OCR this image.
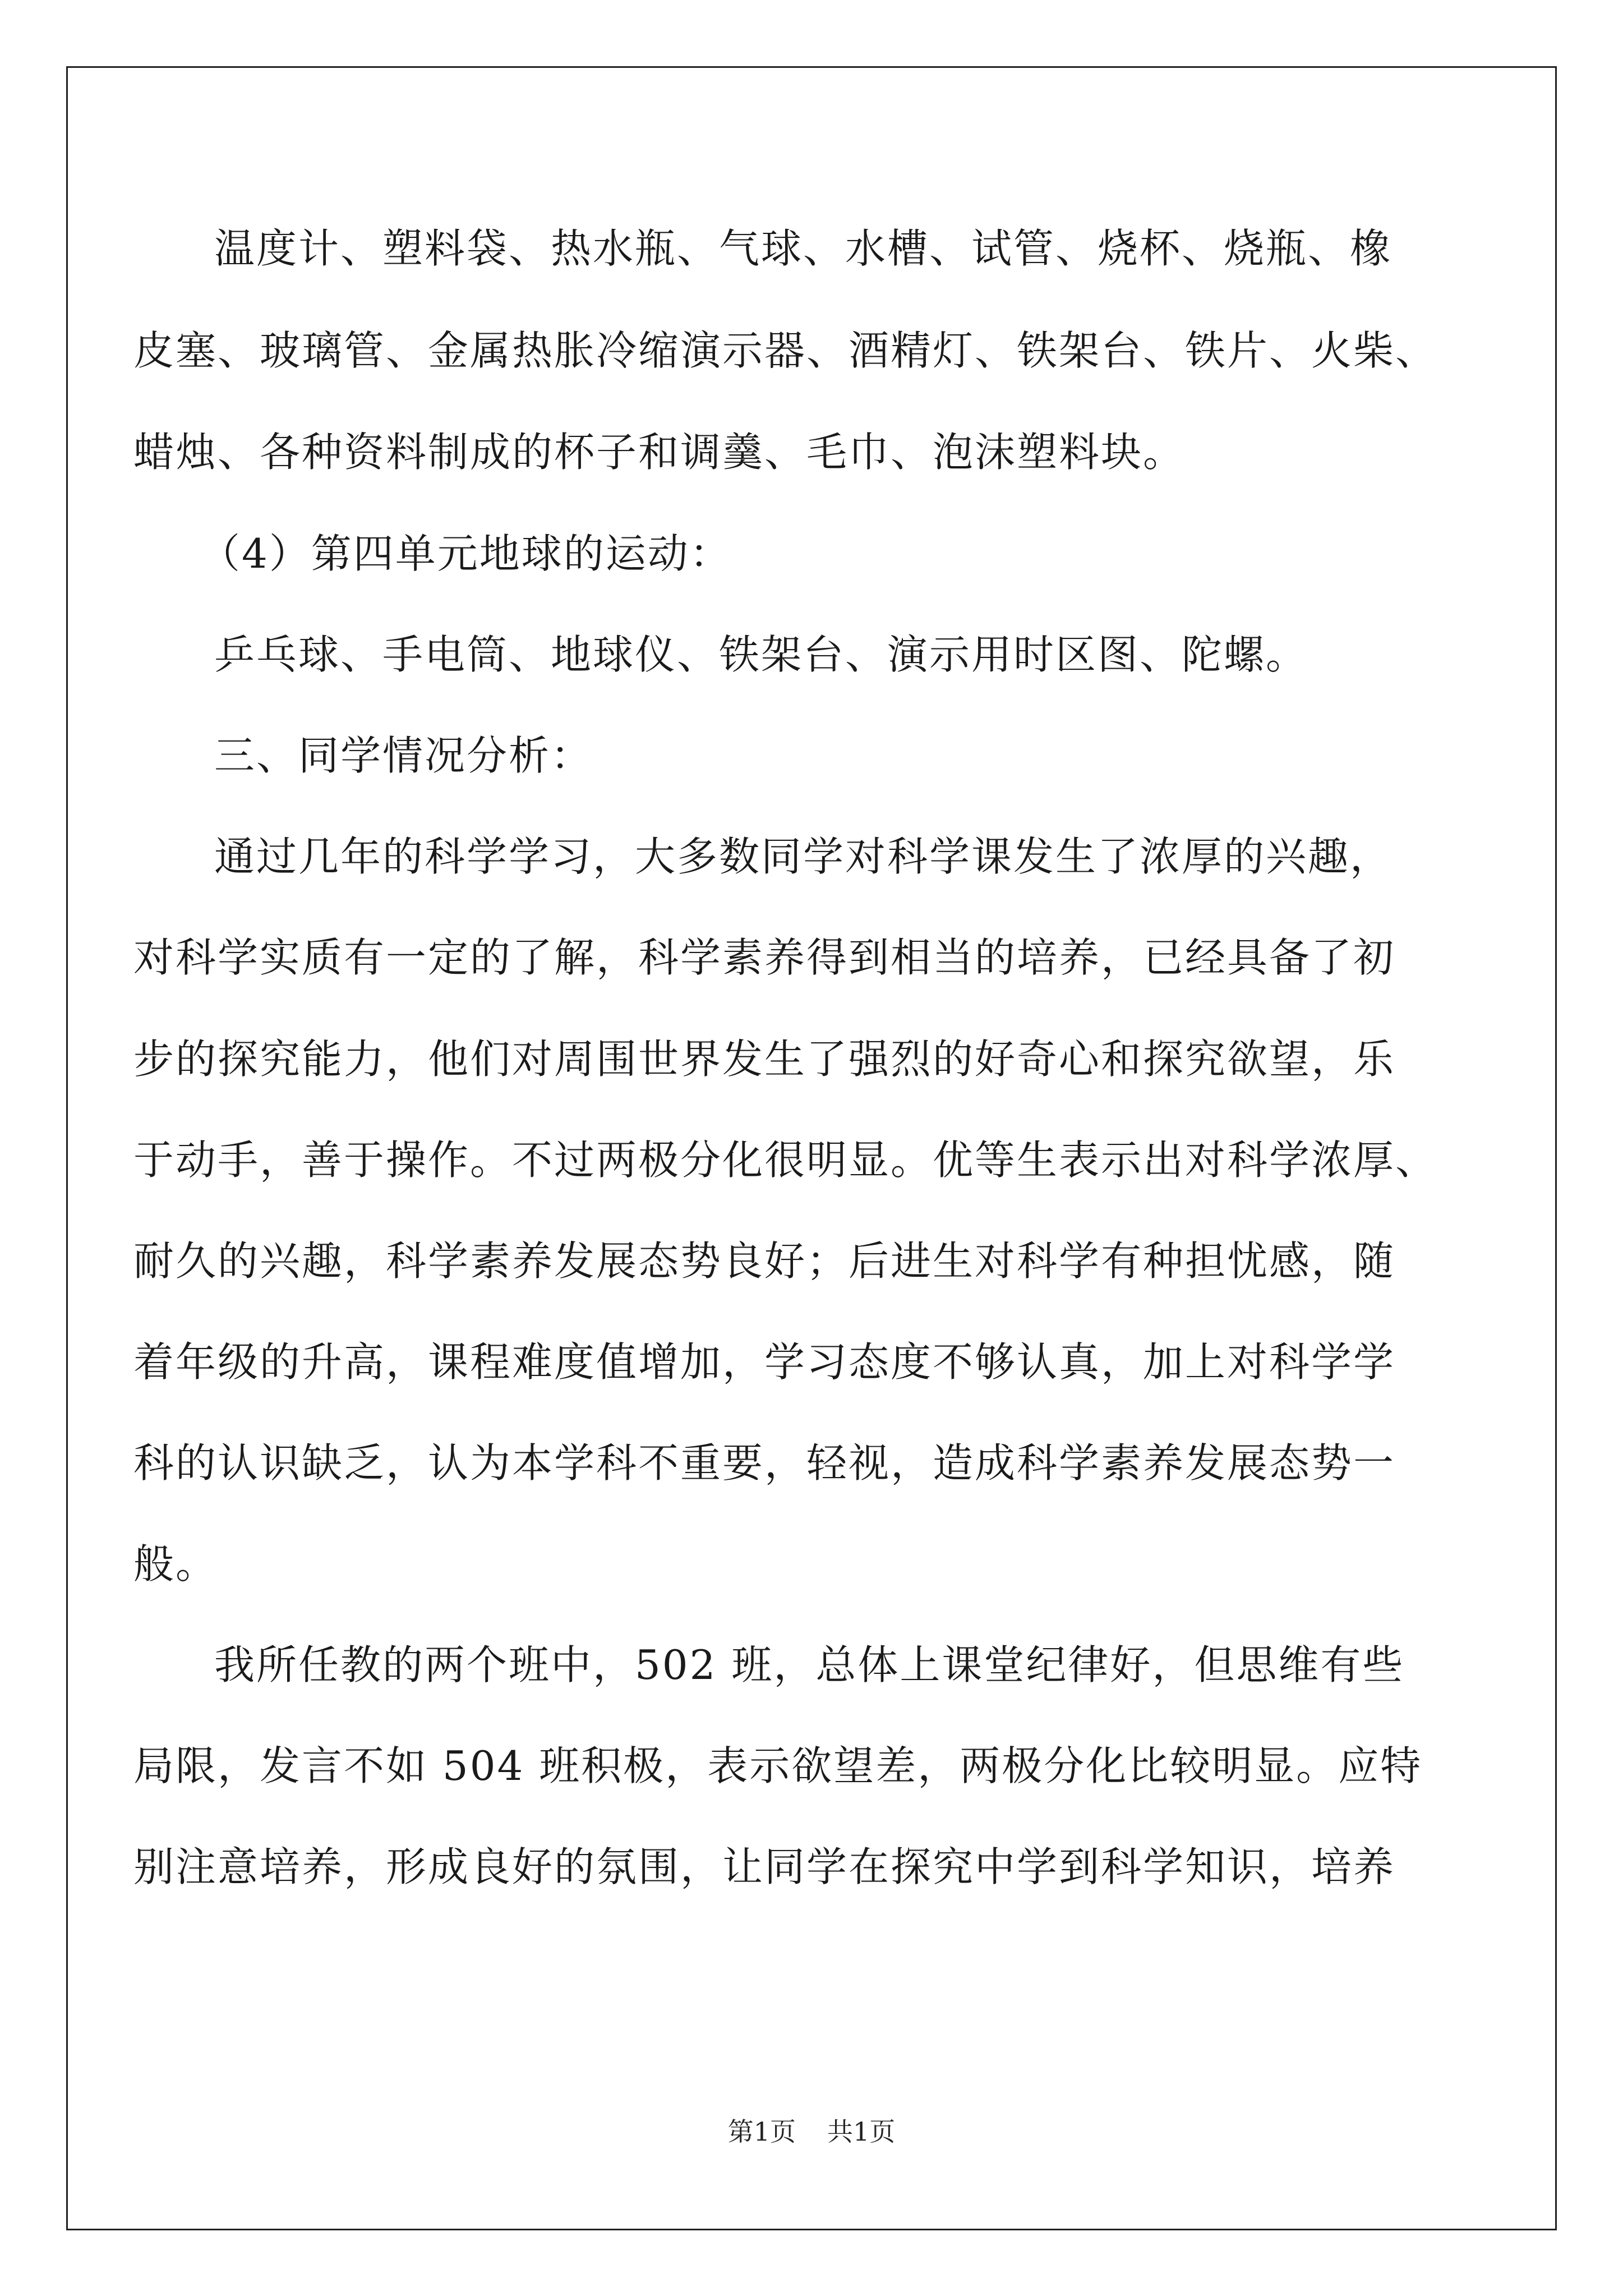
温度计、塑料袋、热水瓶、气球、水槽、试管、烧杯、烧瓶、橡
皮塞、玻璃管、金属热胀冷缩演示器、酒精灯、铁架台、铁片、火柴、
蜡烛、各种资料制成的杯子和调羹、毛巾、泡沫塑料块。
（4）第四单元地球的运动：
乒乓球、手电筒、地球仪、铁架台、演示用时区图、陀螺。
三、同学情况分析：
通过几年的科学学习，大多数同学对科学课发生了浓厚的兴趣，
对科学实质有一定的了解，科学素养得到相当的培养，已经具备了初
步的探究能力，他们对周围世界发生了强烈的好奇心和探究欲望，乐
于动手，善于操作。不过两极分化很明显。优等生表示出对科学浓厚、
耐久的兴趣，科学素养发展态势良好；后进生对科学有种担忧感，随
着年级的升高，课程难度值增加，学习态度不够认真，加上对科学学
科的认识缺乏，认为本学科不重要，轻视，造成科学素养发展态势一
般。
我所任教的两个班中，502 班，总体上课堂纪律好，但思维有些
局限，发言不如 504 班积极，表示欲望差，两极分化比较明显。应特
别注意培养，形成良好的氛围，让同学在探究中学到科学知识，培养
第1页 共1页
